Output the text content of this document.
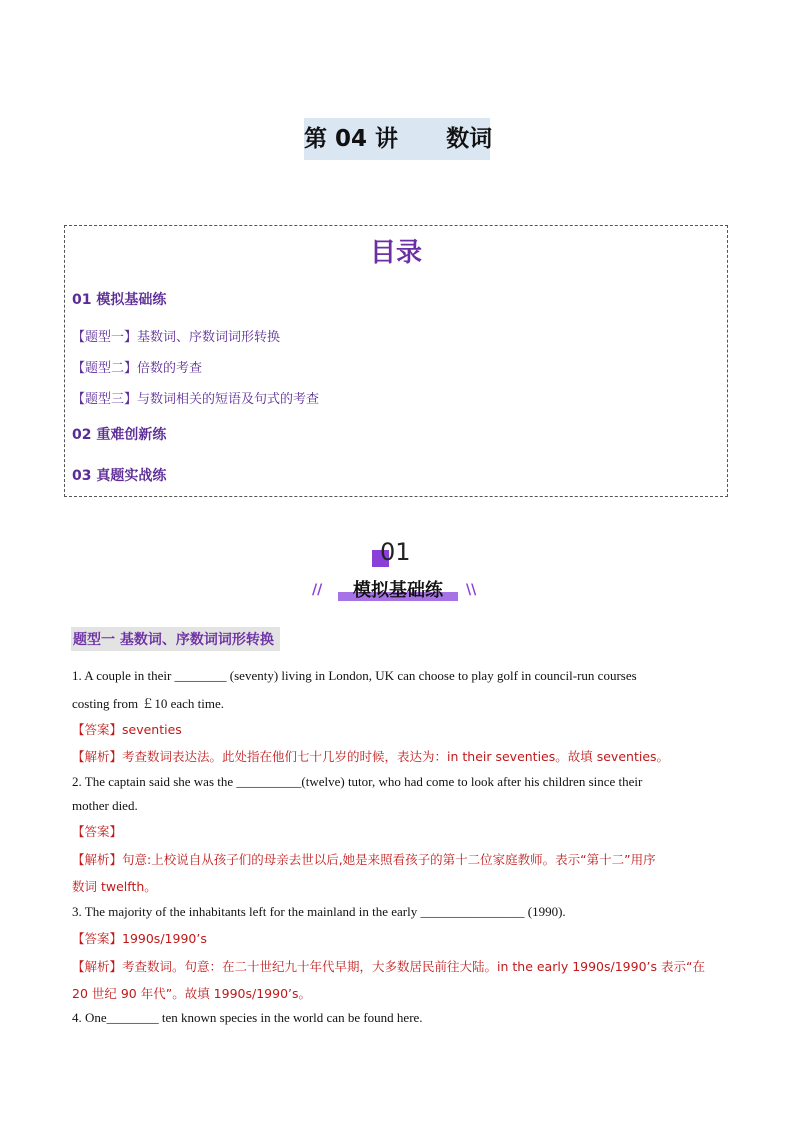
第 04 讲      数词
目录
01 模拟基础练
【题型一】基数词、序数词词形转换
【题型二】倍数的考查
【题型三】与数词相关的短语及句式的考查
02 重难创新练
03 真题实战练
01
//	模拟基础练	\\
题型一 基数词、序数词词形转换
1. A couple in their ________ (seventy) living in London, UK can choose to play golf in council-run courses
costing from ￡10 each time.
【答案】seventies
【解析】考查数词表达法。此处指在他们七十几岁的时候，表达为：in their seventies。故填 seventies。
2. The captain said she was the __________(twelve) tutor, who had come to look after his children since their
mother died.
【答案】
【解析】句意:上校说自从孩子们的母亲去世以后,她是来照看孩子的第十二位家庭教师。表示“第十二”用序
数词 twelfth。
3. The majority of the inhabitants left for the mainland in the early ________________ (1990).
【答案】1990s/1990’s
【解析】考查数词。句意：在二十世纪九十年代早期，大多数居民前往大陆。in the early 1990s/1990’s 表示“在
20 世纪 90 年代”。故填 1990s/1990’s。
4. One________ ten known species in the world can be found here.
